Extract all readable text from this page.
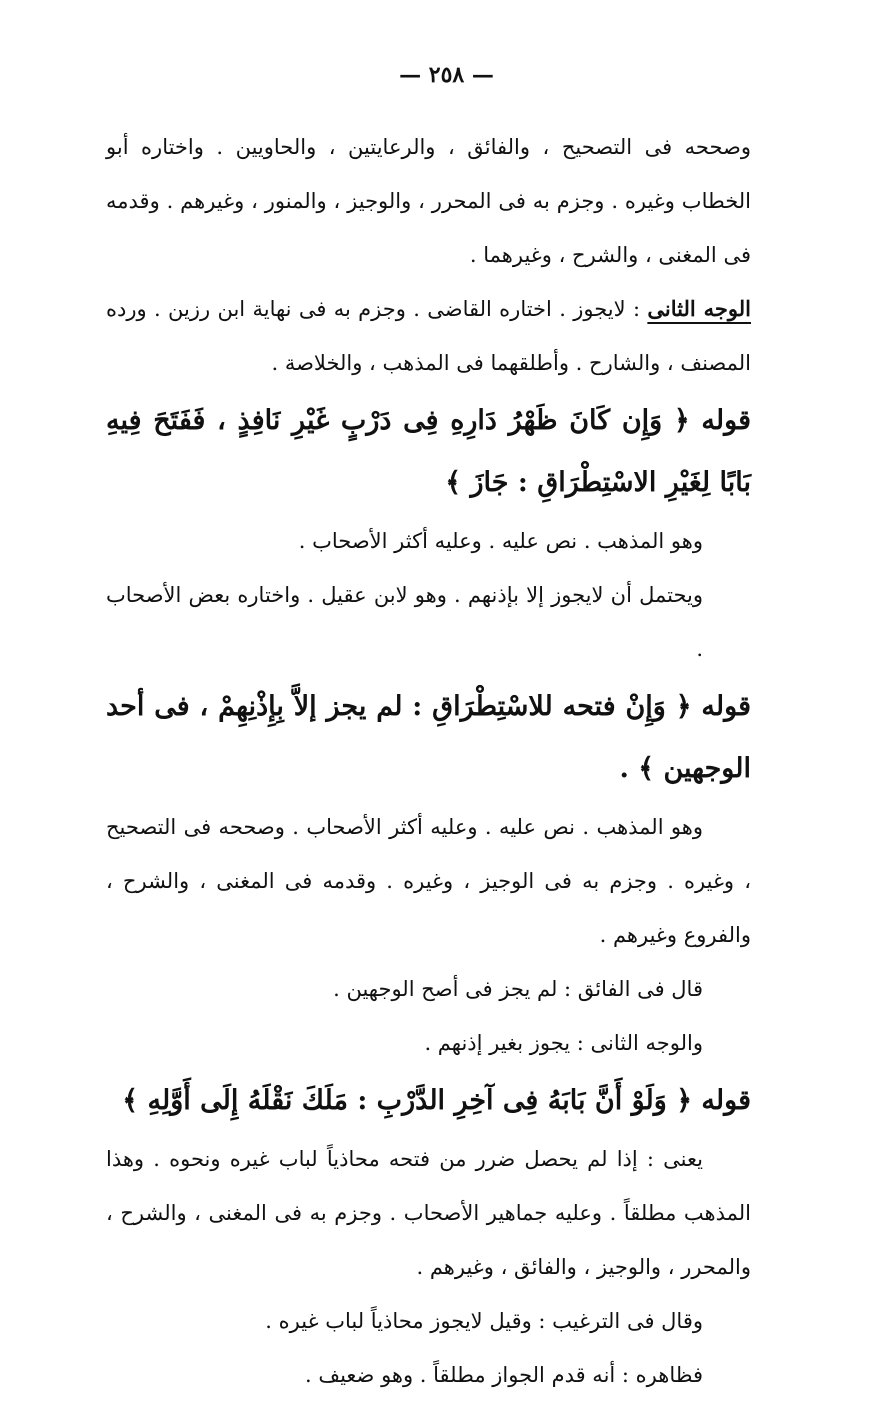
— ٢٥٨ —

وصححه فى التصحيح ، والفائق ، والرعايتين ، والحاويين . واختاره أبو الخطاب وغيره . وجزم به فى المحرر ، والوجيز ، والمنور ، وغيرهم . وقدمه فى المغنى ، والشرح ، وغيرهما .

الوجه الثانى : لايجوز . اختاره القاضى . وجزم به فى نهاية ابن رزين . ورده المصنف ، والشارح . وأطلقهما فى المذهب ، والخلاصة .

قوله ﴿ وَإِن كَانَ ظَهْرُ دَارِهِ فِى دَرْبٍ غَيْرِ نَافِذٍ ، فَفَتَحَ فِيهِ بَابًا لِغَيْرِ الاسْتِطْرَاقِ : جَازَ ﴾

وهو المذهب . نص عليه . وعليه أكثر الأصحاب .

ويحتمل أن لايجوز إلا بإذنهم . وهو لابن عقيل . واختاره بعض الأصحاب .

قوله ﴿ وَإِنْ فتحه للاسْتِطْرَاقِ : لم يجز إلاَّ بِإِذْنِهِمْ ، فى أحد الوجهين ﴾ .

وهو المذهب . نص عليه . وعليه أكثر الأصحاب . وصححه فى التصحيح ، وغيره . وجزم به فى الوجيز ، وغيره . وقدمه فى المغنى ، والشرح ، والفروع وغيرهم .

قال فى الفائق : لم يجز فى أصح الوجهين .

والوجه الثانى : يجوز بغير إذنهم .

قوله ﴿ وَلَوْ أَنَّ بَابَهُ فِى آخِرِ الدَّرْبِ : مَلَكَ نَقْلَهُ إِلَى أَوَّلِهِ ﴾

يعنى : إذا لم يحصل ضرر من فتحه محاذياً لباب غيره ونحوه . وهذا المذهب مطلقاً . وعليه جماهير الأصحاب . وجزم به فى المغنى ، والشرح ، والمحرر ، والوجيز ، والفائق ، وغيرهم .

وقال فى الترغيب : وقيل لايجوز محاذياً لباب غيره .

فظاهره : أنه قدم الجواز مطلقاً . وهو ضعيف .
